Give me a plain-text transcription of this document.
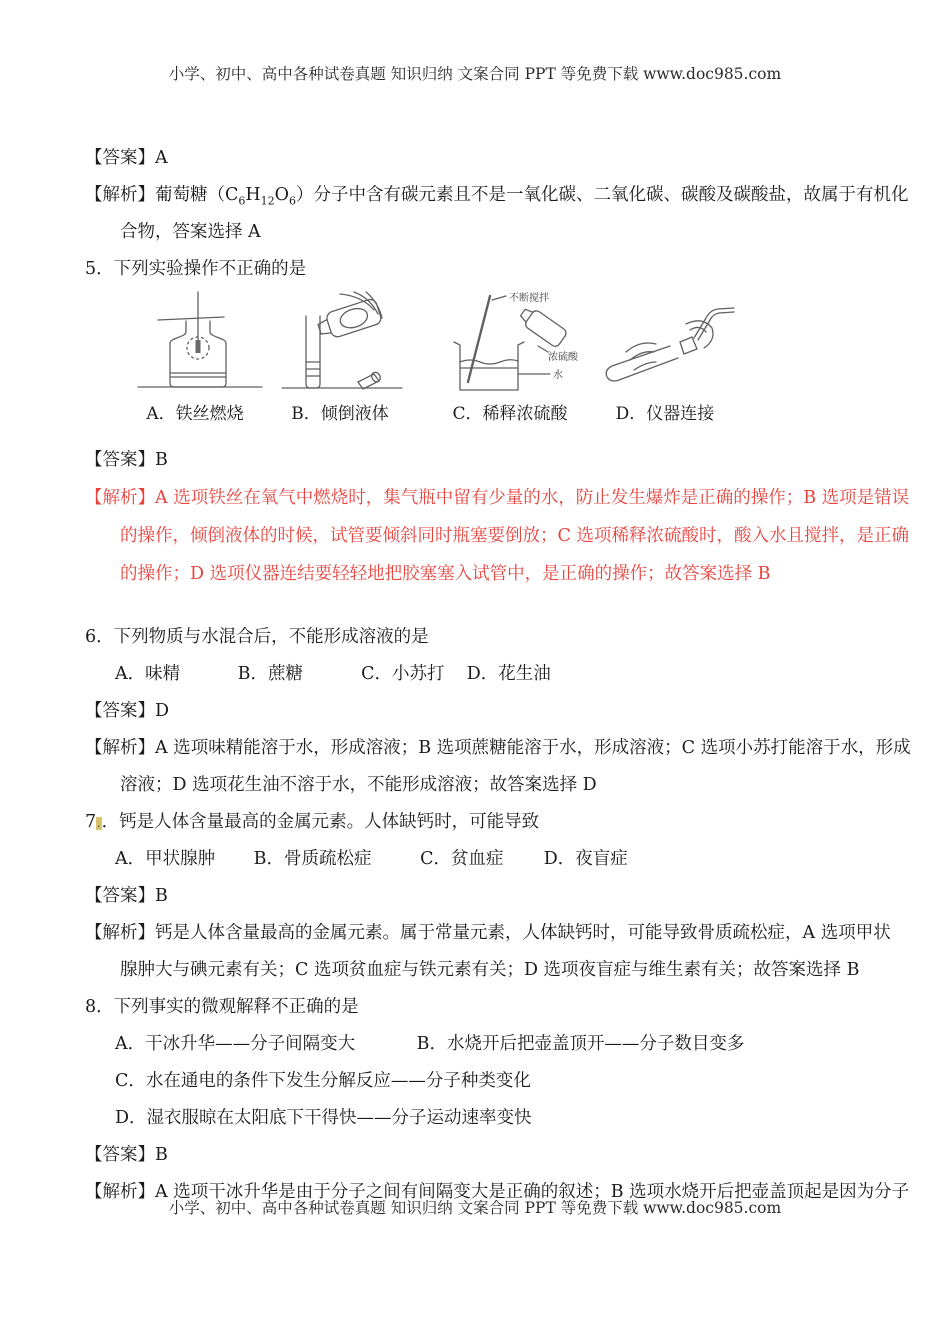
小学、初中、高中各种试卷真题 知识归纳 文案合同 PPT 等免费下载 www.doc985.com
【答案】A
【解析】葡萄糖$(C_6H_{12}O_6)$分子中含有碳元素且不是一氧化碳、二氧化碳、碳酸及碳酸盐，故属于有机化
合物，答案选择 A
5．下列实验操作不正确的是
A．铁丝燃烧	B．倾倒液体
不断搅拌
浓硫酸
水
C．稀释浓硫酸	D．仪器连接
【答案】B
【解析】A 选项铁丝在氧气中燃烧时，集气瓶中留有少量的水，防止发生爆炸是正确的操作；B 选项是错误
的操作，倾倒液体的时候，试管要倾斜同时瓶塞要倒放；C 选项稀释浓硫酸时，酸入水且搅拌，是正确
的操作；D 选项仪器连结要轻轻地把胶塞塞入试管中，是正确的操作；故答案选择 B
6．下列物质与水混合后，不能形成溶液的是
A．味精	B．蔗糖	C．小苏打 D．花生油
【答案】D
【解析】A 选项味精能溶于水，形成溶液；B 选项蔗糖能溶于水，形成溶液；C 选项小苏打能溶于水，形成
溶液；D 选项花生油不溶于水，不能形成溶液；故答案选择 D
7.．钙是人体含量最高的金属元素。人体缺钙时，可能导致
A．甲状腺肿 B．骨质疏松症	C．贫血症 D．夜盲症
【答案】B
【解析】钙是人体含量最高的金属元素。属于常量元素，人体缺钙时，可能导致骨质疏松症，A 选项甲状
腺肿大与碘元素有关；C 选项贫血症与铁元素有关；D 选项夜盲症与维生素有关；故答案选择 B
8．下列事实的微观解释不正确的是
A．干冰升华——分子间隔变大	B．水烧开后把壶盖顶开——分子数目变多
C．水在通电的条件下发生分解反应——分子种类变化
D．湿衣服晾在太阳底下干得快——分子运动速率变快
【答案】B
【解析】A 选项干冰升华是由于分子之间有间隔变大是正确的叙述；B 选项水烧开后把壶盖顶起是因为分子
小学、初中、高中各种试卷真题 知识归纳 文案合同 PPT 等免费下载 www.doc985.com
